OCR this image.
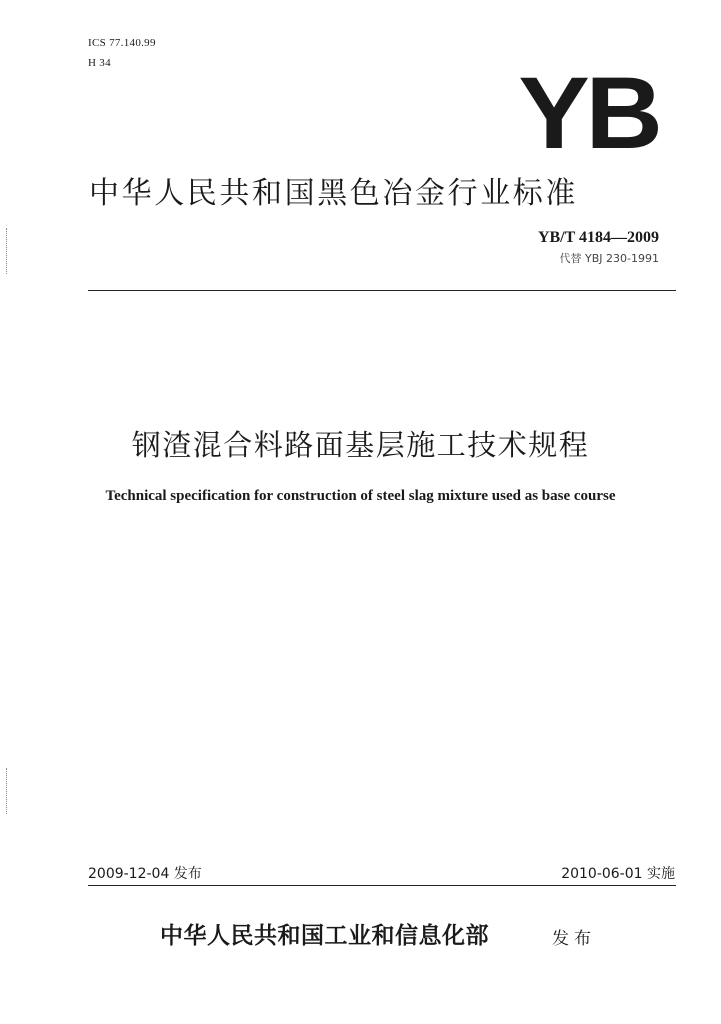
ICS 77.140.99
H 34	YB
中华人民共和国黑色冶金行业标准
YB/T 4184—2009
代替 YBJ 230-1991
钢渣混合料路面基层施工技术规程
Technical specification for construction of steel slag mixture used as base course
2009-12-04 发布	2010-06-01 实施
中华人民共和国工业和信息化部	发布
